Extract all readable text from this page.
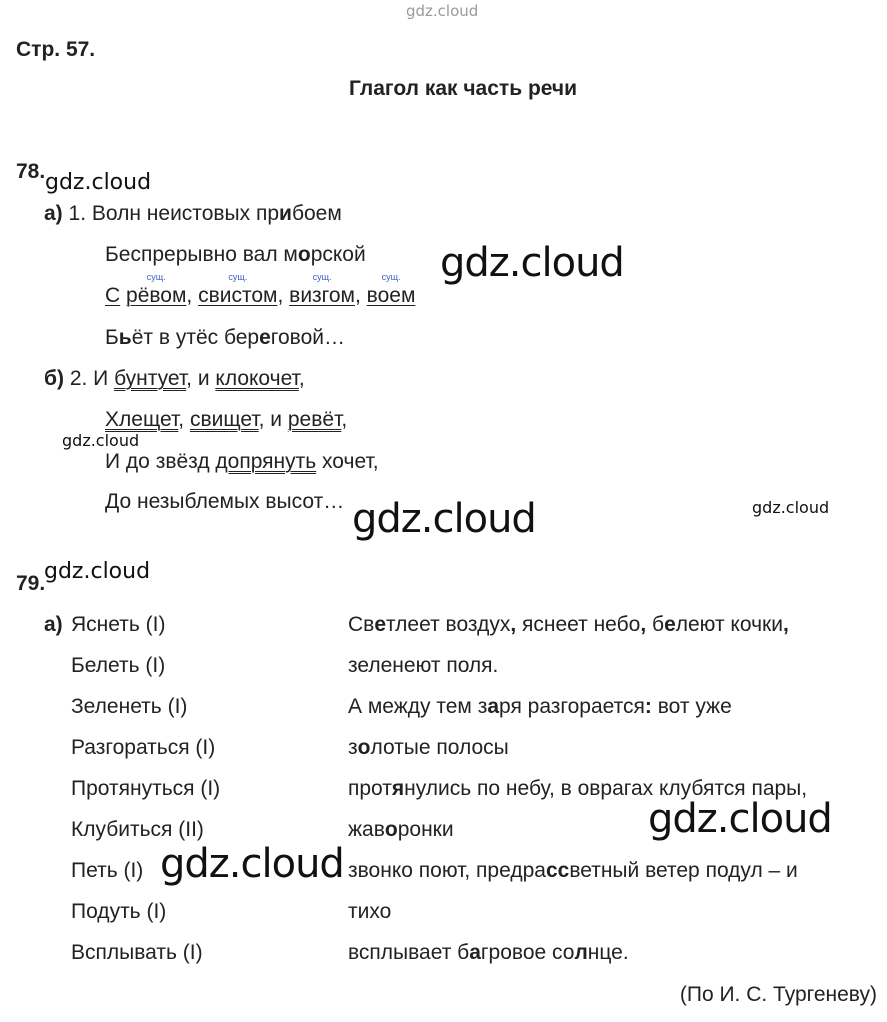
Стр. 57.
Глагол как часть речи
78.
а) 1. Волн неистовых прибоем
Беспрерывно вал морской
С
сущ.
рёвом,
сущ.
свистом,
сущ.
визгом,
сущ.
воем
Бьёт в утёс береговой…
б) 2. И бунтует, и клокочет,
Хлещет, свищет, и ревёт,
И до звёзд допрянуть хочет,
До незыблемых высот…
79.
а) Яснеть (I)
Белеть (I)
Зеленеть (I)
Разгораться (I)
Протянуться (I)
Клубиться (II)
Петь (I)
Подуть (I)
Всплывать (I)
Светлеет воздух, яснеет небо, белеют кочки,
зеленеют поля.
А между тем заря разгорается: вот уже
золотые полосы
протянулись по небу, в оврагах клубятся пары,
жаворонки
звонко поют, предрассветный ветер подул – и
тихо
всплывает багровое солнце.
(По И. С. Тургеневу)
gdz.cloud
gdz.cloud
gdz.cloud
gdz.cloud
gdz.cloud	gdz.cloud
gdz.cloud
gdz.cloud
gdz.cloud
